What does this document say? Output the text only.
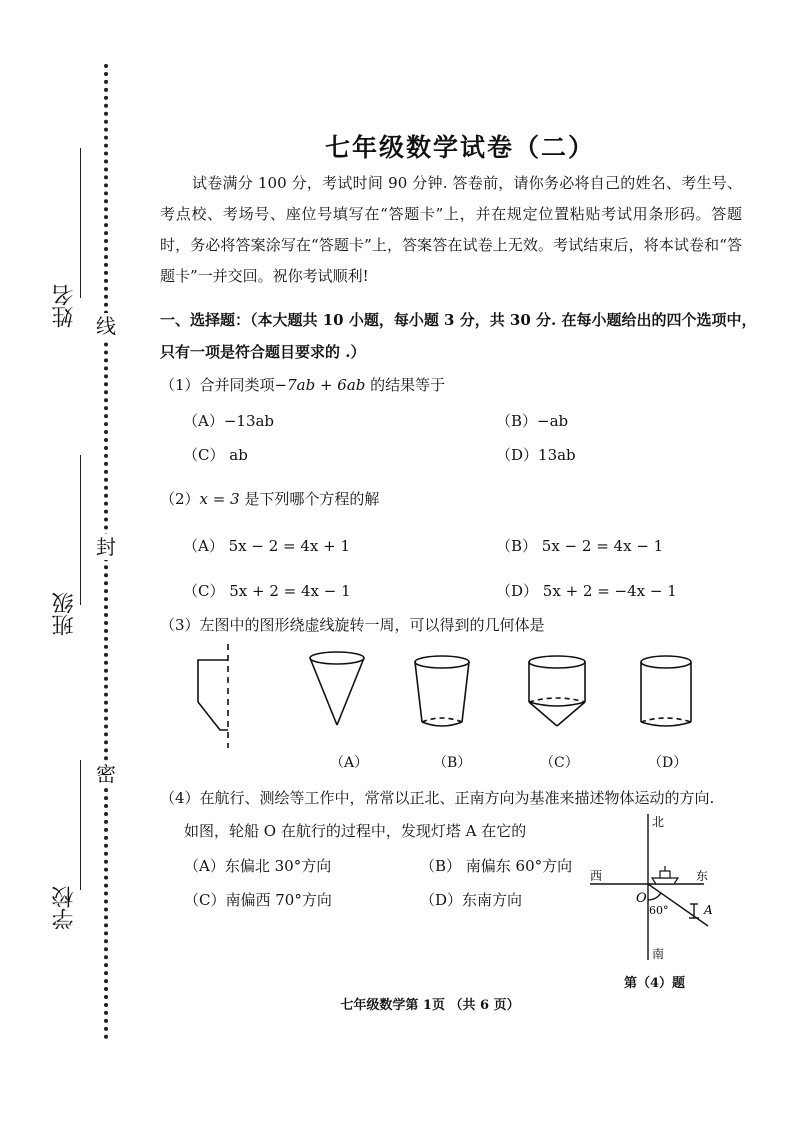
姓名
班级
学校
线
封
密
七年级数学试卷（二）
试卷满分 100 分，考试时间 90 分钟. 答卷前，请你务必将自己的姓名、考生号、考点校、考场号、座位号填写在“答题卡”上，并在规定位置粘贴考试用条形码。答题时，务必将答案涂写在“答题卡”上，答案答在试卷上无效。考试结束后，将本试卷和“答题卡”一并交回。祝你考试顺利!
一、选择题：（本大题共 10 小题，每小题 3 分，共 30 分. 在每小题给出的四个选项中，
只有一项是符合题目要求的 .）
（1）合并同类项−7ab + 6ab 的结果等于
（A）−13ab	（B）−ab
（C） ab	（D）13ab
（2）x = 3 是下列哪个方程的解
（A） 5x − 2 = 4x + 1	（B） 5x − 2 = 4x − 1
（C） 5x + 2 = 4x − 1	（D） 5x + 2 = −4x − 1
（3）左图中的图形绕虚线旋转一周，可以得到的几何体是
（A）	（B）	（C）	（D）
（4）在航行、测绘等工作中，常常以正北、正南方向为基准来描述物体运动的方向.
如图，轮船 O 在航行的过程中，发现灯塔 A 在它的
（A）东偏北 30°方向	（B） 南偏东 60°方向
（C）南偏西 70°方向	（D）东南方向
北
南
西	东
O
60°	A
第（4）题
七年级数学第 1页 （共 6 页）
